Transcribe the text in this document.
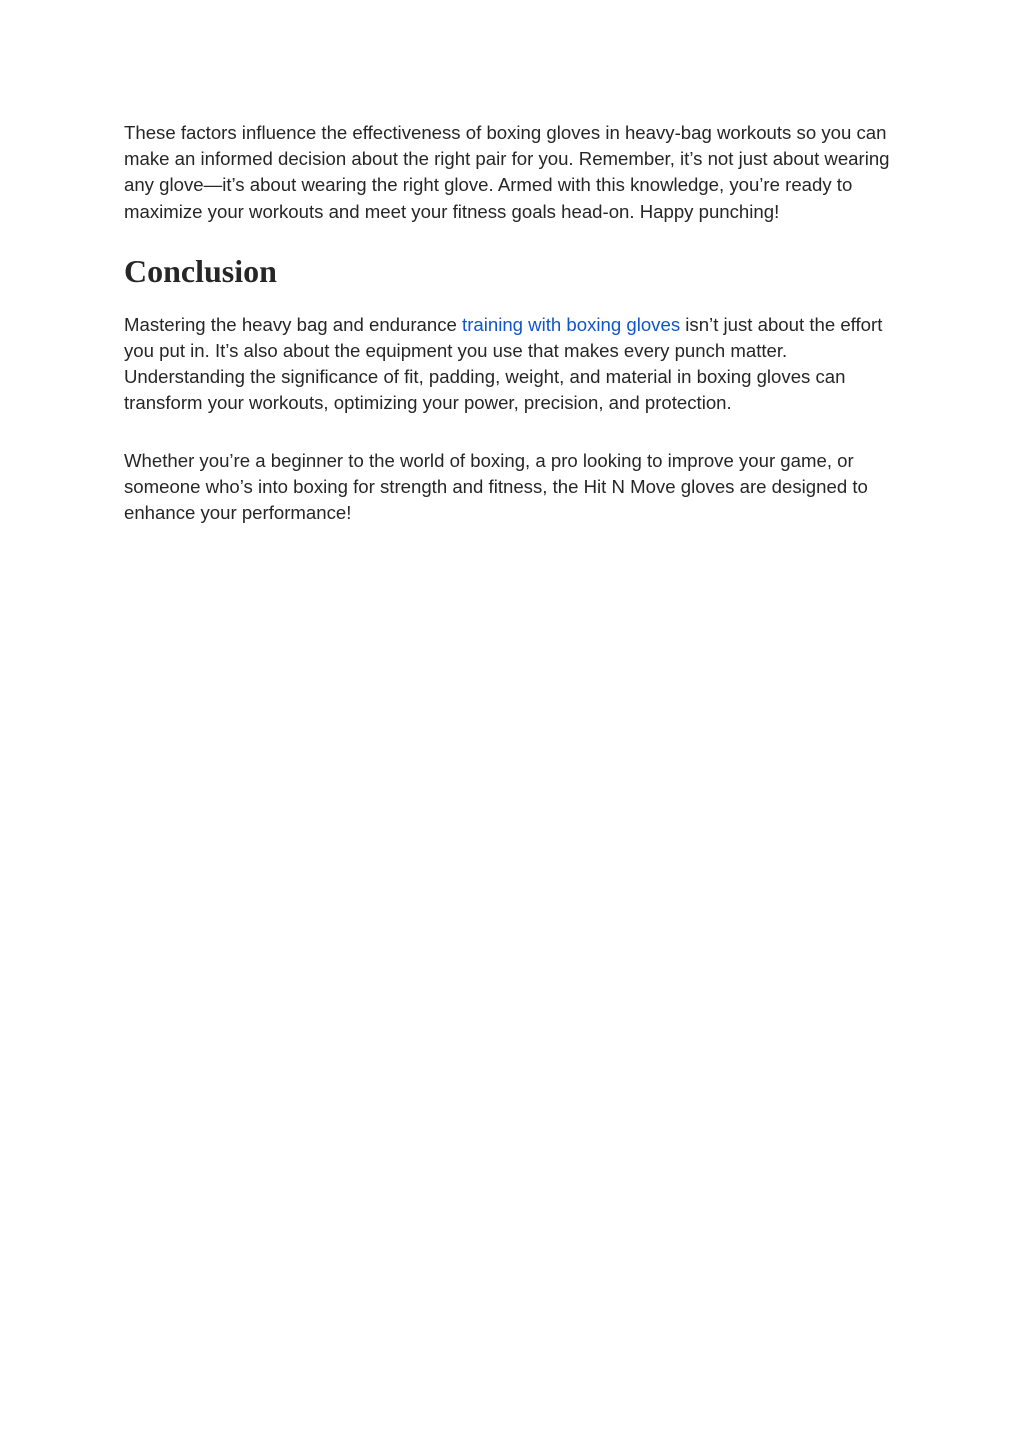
These factors influence the effectiveness of boxing gloves in heavy-bag workouts so you can make an informed decision about the right pair for you. Remember, it’s not just about wearing any glove—it’s about wearing the right glove. Armed with this knowledge, you’re ready to maximize your workouts and meet your fitness goals head-on. Happy punching!

Conclusion

Mastering the heavy bag and endurance training with boxing gloves isn’t just about the effort you put in. It’s also about the equipment you use that makes every punch matter. Understanding the significance of fit, padding, weight, and material in boxing gloves can transform your workouts, optimizing your power, precision, and protection.

Whether you’re a beginner to the world of boxing, a pro looking to improve your game, or someone who’s into boxing for strength and fitness, the Hit N Move gloves are designed to enhance your performance!
